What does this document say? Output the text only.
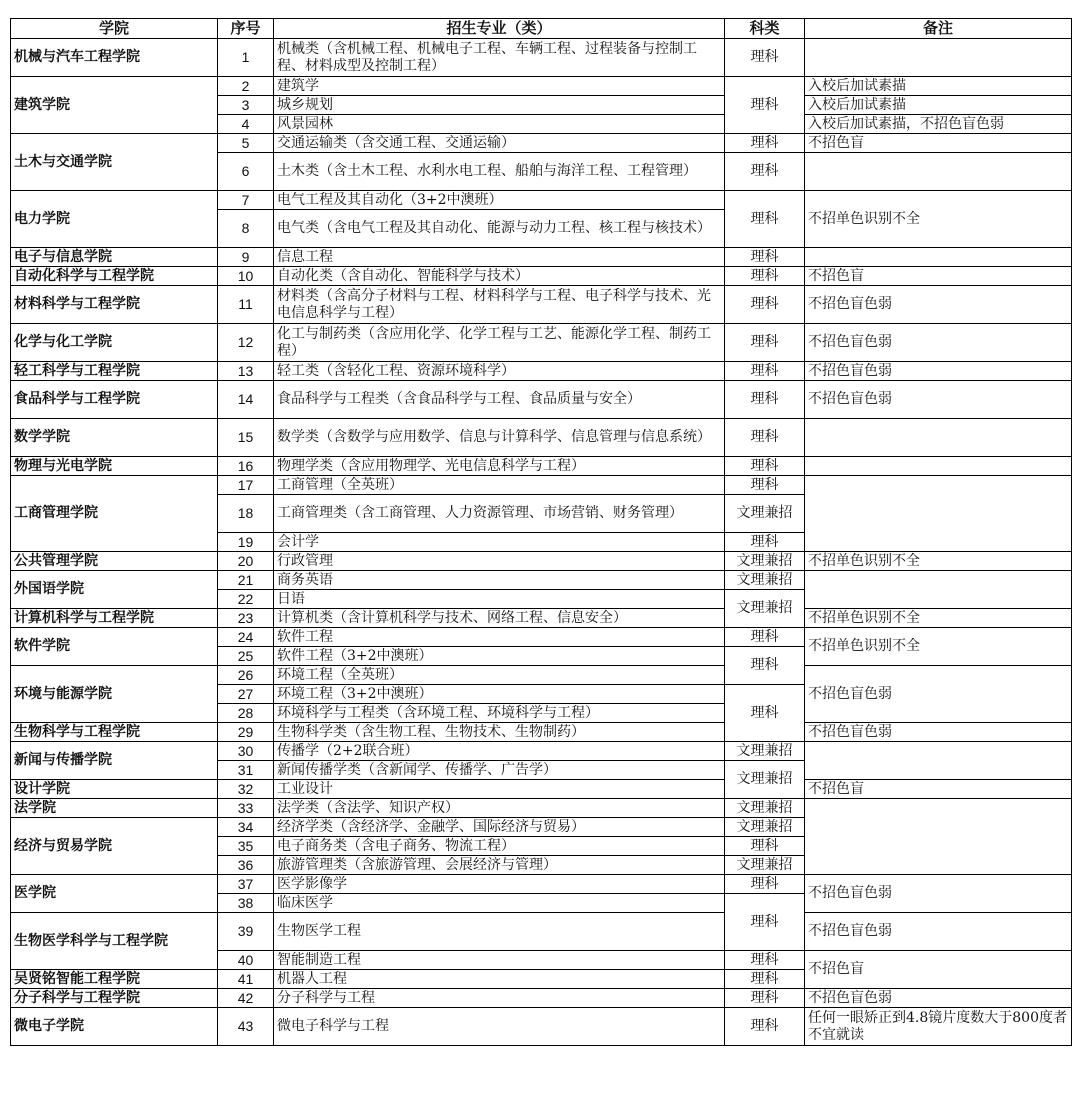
学院	序号	招生专业（类）	科类	备注
机械与汽车工程学院	1	机械类（含机械工程、机械电子工程、车辆工程、过程装备与控制工程、材料成型及控制工程）	理科	
建筑学院	2	建筑学	理科	入校后加试素描
	3	城乡规划		入校后加试素描
	4	风景园林		入校后加试素描，不招色盲色弱
土木与交通学院	5	交通运输类（含交通工程、交通运输）	理科	不招色盲
	6	土木类（含土木工程、水利水电工程、船舶与海洋工程、工程管理）	理科	
电力学院	7	电气工程及其自动化（3+2中澳班）	理科	不招单色识别不全
	8	电气类（含电气工程及其自动化、能源与动力工程、核工程与核技术）		
电子与信息学院	9	信息工程	理科	
自动化科学与工程学院	10	自动化类（含自动化、智能科学与技术）	理科	不招色盲
材料科学与工程学院	11	材料类（含高分子材料与工程、材料科学与工程、电子科学与技术、光电信息科学与工程）	理科	不招色盲色弱
化学与化工学院	12	化工与制药类（含应用化学、化学工程与工艺、能源化学工程、制药工程）	理科	不招色盲色弱
轻工科学与工程学院	13	轻工类（含轻化工程、资源环境科学）	理科	不招色盲色弱
食品科学与工程学院	14	食品科学与工程类（含食品科学与工程、食品质量与安全）	理科	不招色盲色弱
数学学院	15	数学类（含数学与应用数学、信息与计算科学、信息管理与信息系统）	理科	
物理与光电学院	16	物理学类（含应用物理学、光电信息科学与工程）	理科	
工商管理学院	17	工商管理（全英班）	理科	
	18	工商管理类（含工商管理、人力资源管理、市场营销、财务管理）	文理兼招	
	19	会计学	理科	
公共管理学院	20	行政管理	文理兼招	不招单色识别不全
外国语学院	21	商务英语	文理兼招	
	22	日语	文理兼招	
计算机科学与工程学院	23	计算机类（含计算机科学与技术、网络工程、信息安全）		不招单色识别不全
软件学院	24	软件工程	理科	不招单色识别不全
	25	软件工程（3+2中澳班）	理科	
环境与能源学院	26	环境工程（全英班）		不招色盲色弱
	27	环境工程（3+2中澳班）	理科	
	28	环境科学与工程类（含环境工程、环境科学与工程）		
生物科学与工程学院	29	生物科学类（含生物工程、生物技术、生物制药）		不招色盲色弱
新闻与传播学院	30	传播学（2+2联合班）	文理兼招	
	31	新闻传播学类（含新闻学、传播学、广告学）	文理兼招	
设计学院	32	工业设计		不招色盲
法学院	33	法学类（含法学、知识产权）	文理兼招	
经济与贸易学院	34	经济学类（含经济学、金融学、国际经济与贸易）	文理兼招	
	35	电子商务类（含电子商务、物流工程）	理科	
	36	旅游管理类（含旅游管理、会展经济与管理）	文理兼招	
医学院	37	医学影像学	理科	不招色盲色弱
	38	临床医学	理科	
生物医学科学与工程学院	39	生物医学工程		不招色盲色弱
	40	智能制造工程	理科	不招色盲
吴贤铭智能工程学院	41	机器人工程	理科	
分子科学与工程学院	42	分子科学与工程	理科	不招色盲色弱
微电子学院	43	微电子科学与工程	理科	任何一眼矫正到4.8镜片度数大于800度者不宜就读
